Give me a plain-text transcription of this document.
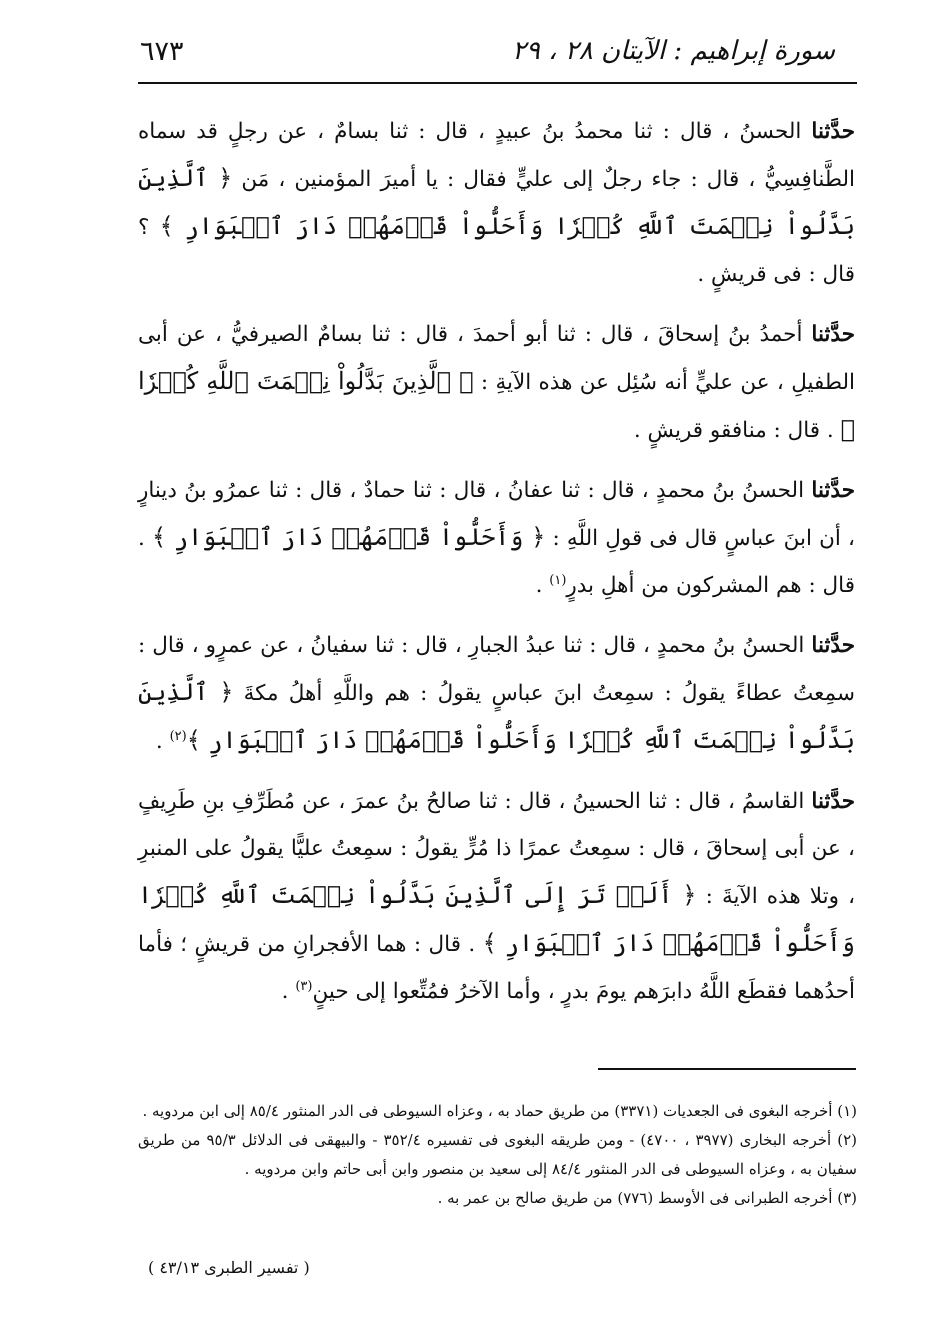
٦٧٣	سورة إبراهيم : الآيتان ٢٨ ، ٢٩

حدَّثنا الحسنُ ، قال : ثنا محمدُ بنُ عبيدٍ ، قال : ثنا بسامٌ ، عن رجلٍ قد سماه الطَّنافِسِيُّ ، قال : جاء رجلٌ إلى عليٍّ فقال : يا أميرَ المؤمنين ، مَن ﴿ ٱلَّذِينَ بَدَّلُواْ نِعۡمَتَ ٱللَّهِ كُفۡرٗا وَأَحَلُّواْ قَوۡمَهُمۡ دَارَ ٱلۡبَوَارِ ﴾ ؟ قال : فى قريشٍ .

حدَّثنا أحمدُ بنُ إسحاقَ ، قال : ثنا أبو أحمدَ ، قال : ثنا بسامٌ الصيرفيُّ ، عن أبى الطفيلِ ، عن عليٍّ أنه سُئِل عن هذه الآيةِ : ﴿ ٱلَّذِينَ بَدَّلُواْ نِعۡمَتَ ٱللَّهِ كُفۡرٗا ﴾ . قال : منافقو قريشٍ .

حدَّثنا الحسنُ بنُ محمدٍ ، قال : ثنا عفانُ ، قال : ثنا حمادٌ ، قال : ثنا عمرُو بنُ دينارٍ ، أن ابنَ عباسٍ قال فى قولِ اللَّهِ : ﴿ وَأَحَلُّواْ قَوۡمَهُمۡ دَارَ ٱلۡبَوَارِ ﴾ . قال : هم المشركون من أهلِ بدرٍ$^{(١)}$ .

حدَّثنا الحسنُ بنُ محمدٍ ، قال : ثنا عبدُ الجبارِ ، قال : ثنا سفيانُ ، عن عمرٍو ، قال : سمِعتُ عطاءً يقولُ : سمِعتُ ابنَ عباسٍ يقولُ : هم واللَّهِ أهلُ مكةَ ﴿ ٱلَّذِينَ بَدَّلُواْ نِعۡمَتَ ٱللَّهِ كُفۡرٗا وَأَحَلُّواْ قَوۡمَهُمۡ دَارَ ٱلۡبَوَارِ ﴾$^{(٢)}$ .

حدَّثنا القاسمُ ، قال : ثنا الحسينُ ، قال : ثنا صالحُ بنُ عمرَ ، عن مُطَرِّفِ بنِ طَرِيفٍ ، عن أبى إسحاقَ ، قال : سمِعتُ عمرًا ذا مُرٍّ يقولُ : سمِعتُ عليًّا يقولُ على المنبرِ ، وتلا هذه الآيةَ : ﴿ أَلَمۡ تَرَ إِلَى ٱلَّذِينَ بَدَّلُواْ نِعۡمَتَ ٱللَّهِ كُفۡرٗا وَأَحَلُّواْ قَوۡمَهُمۡ دَارَ ٱلۡبَوَارِ ﴾ . قال : هما الأفجرانِ من قريشٍ ؛ فأما أحدُهما فقطَع اللَّهُ دابرَهم يومَ بدرٍ ، وأما الآخرُ فمُتِّعوا إلى حينٍ$^{(٣)}$ .

(١) أخرجه البغوى فى الجعديات (٣٣٧١) من طريق حماد به ، وعزاه السيوطى فى الدر المنثور ٨٥/٤ إلى ابن مردويه .

(٢) أخرجه البخارى (٣٩٧٧ ، ٤٧٠٠) - ومن طريقه البغوى فى تفسيره ٣٥٢/٤ - والبيهقى فى الدلائل ٩٥/٣ من طريق سفيان به ، وعزاه السيوطى فى الدر المنثور ٨٤/٤ إلى سعيد بن منصور وابن أبى حاتم وابن مردويه .

(٣) أخرجه الطبرانى فى الأوسط (٧٧٦) من طريق صالح بن عمر به .

( تفسير الطبرى ٤٣/١٣ )
